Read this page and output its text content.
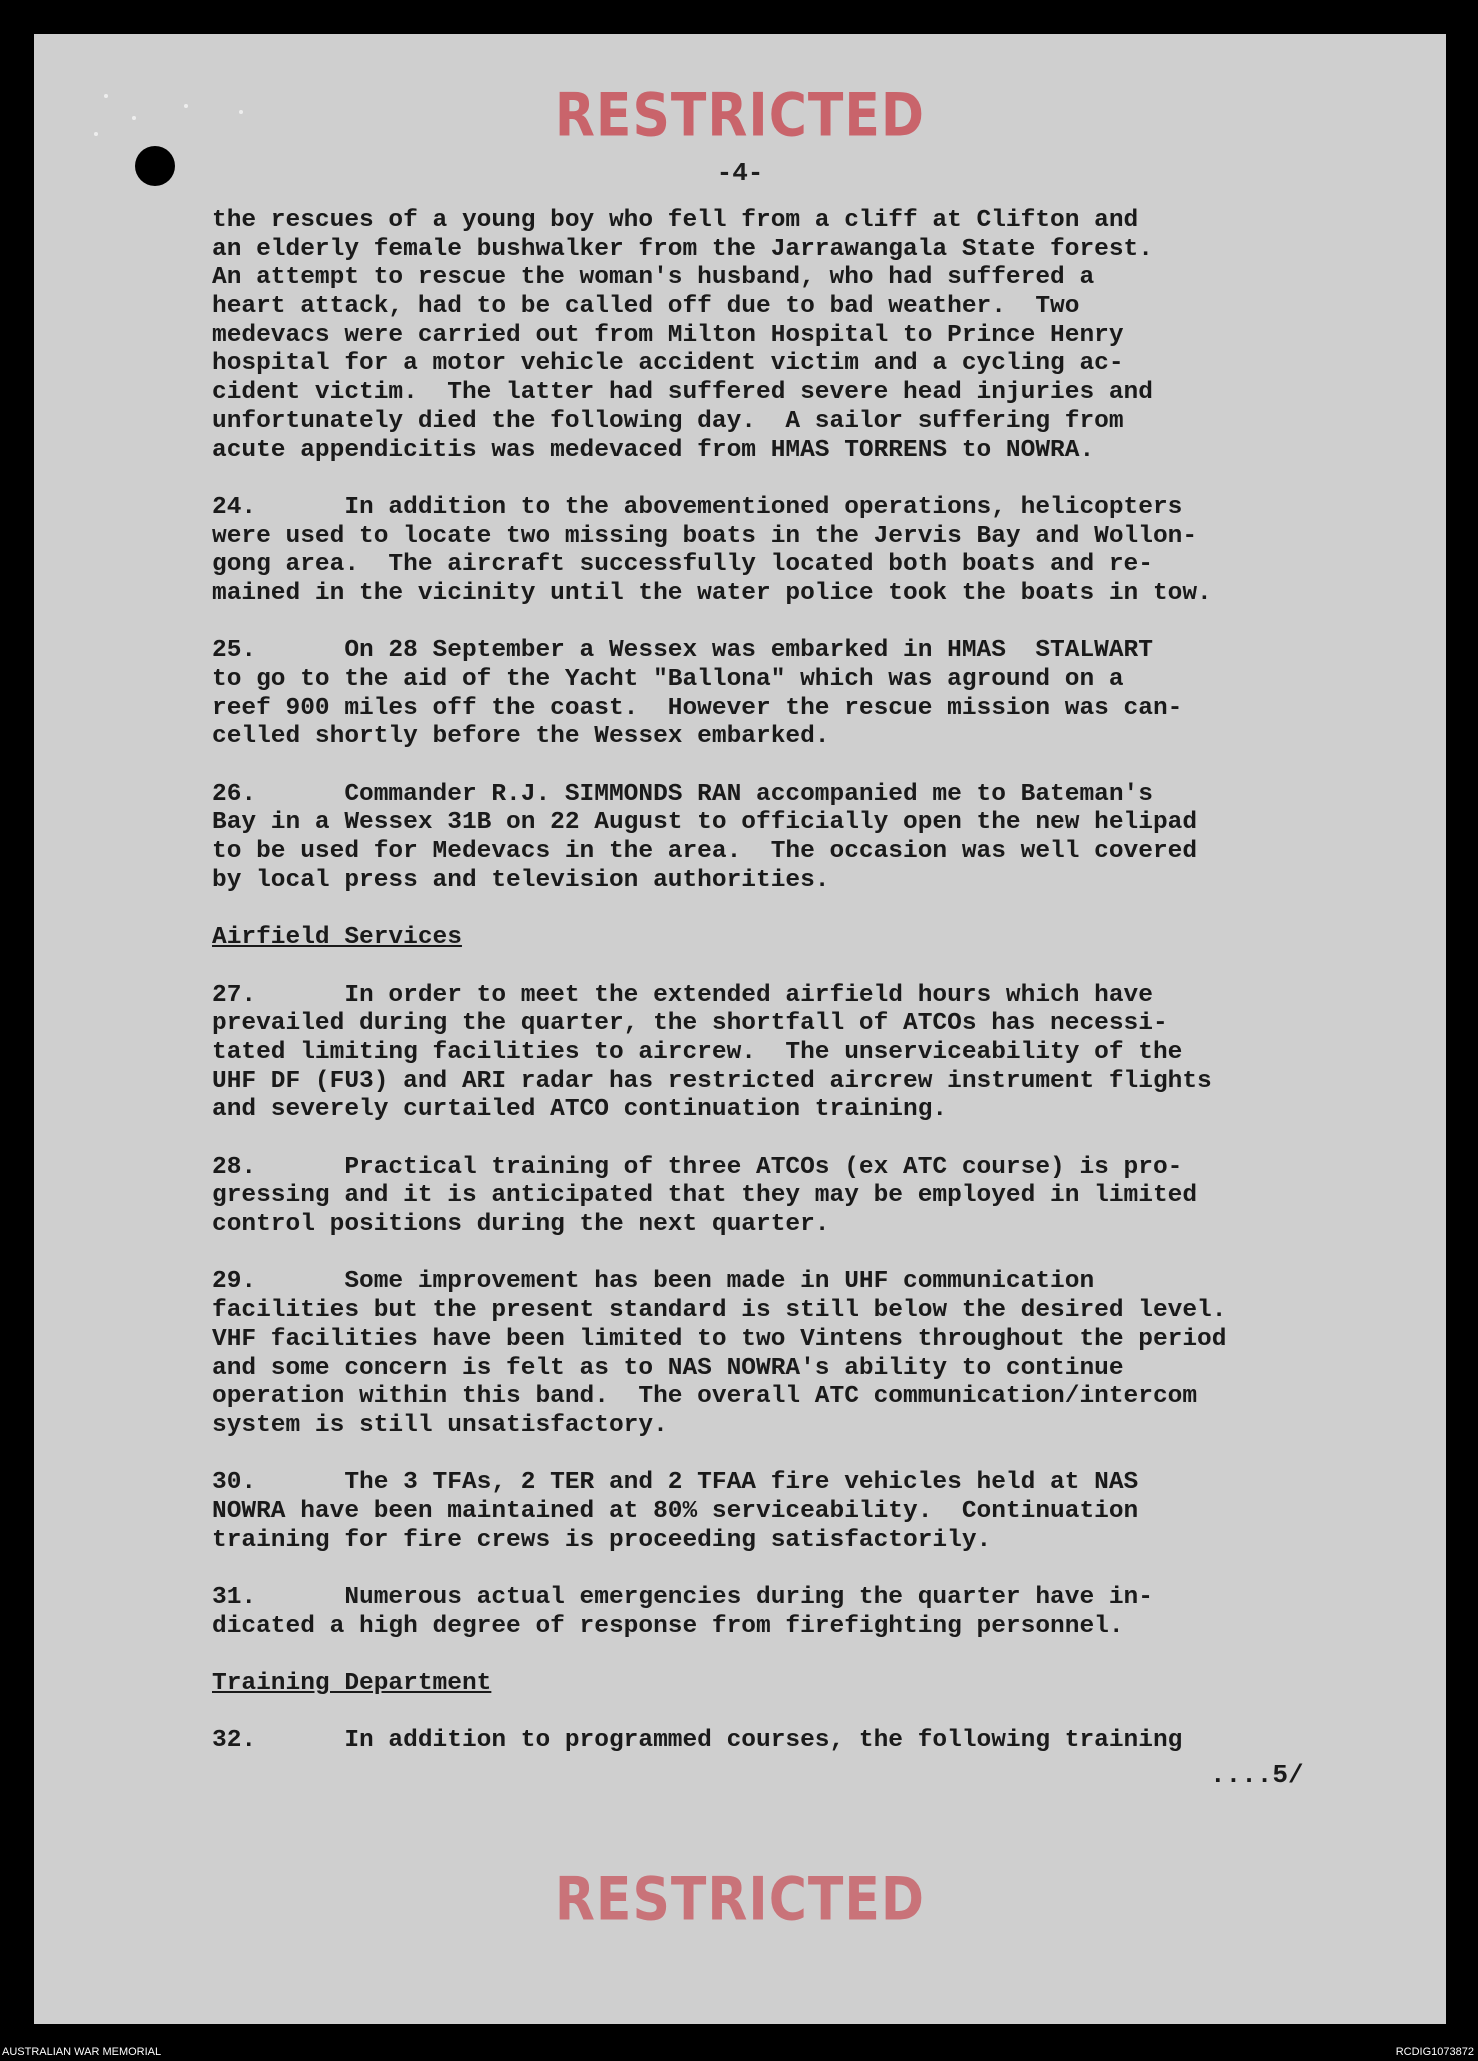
RESTRICTED
-4-
the rescues of a young boy who fell from a cliff at Clifton and
an elderly female bushwalker from the Jarrawangala State forest.
An attempt to rescue the woman's husband, who had suffered a
heart attack, had to be called off due to bad weather.  Two
medevacs were carried out from Milton Hospital to Prince Henry
hospital for a motor vehicle accident victim and a cycling ac-
cident victim.  The latter had suffered severe head injuries and
unfortunately died the following day.  A sailor suffering from
acute appendicitis was medevaced from HMAS TORRENS to NOWRA.
24.      In addition to the abovementioned operations, helicopters
were used to locate two missing boats in the Jervis Bay and Wollon-
gong area.  The aircraft successfully located both boats and re-
mained in the vicinity until the water police took the boats in tow.
25.      On 28 September a Wessex was embarked in HMAS  STALWART
to go to the aid of the Yacht "Ballona" which was aground on a
reef 900 miles off the coast.  However the rescue mission was can-
celled shortly before the Wessex embarked.
26.      Commander R.J. SIMMONDS RAN accompanied me to Bateman's
Bay in a Wessex 31B on 22 August to officially open the new helipad
to be used for Medevacs in the area.  The occasion was well covered
by local press and television authorities.
Airfield Services
27.      In order to meet the extended airfield hours which have
prevailed during the quarter, the shortfall of ATCOs has necessi-
tated limiting facilities to aircrew.  The unserviceability of the
UHF DF (FU3) and ARI radar has restricted aircrew instrument flights
and severely curtailed ATCO continuation training.
28.      Practical training of three ATCOs (ex ATC course) is pro-
gressing and it is anticipated that they may be employed in limited
control positions during the next quarter.
29.      Some improvement has been made in UHF communication
facilities but the present standard is still below the desired level.
VHF facilities have been limited to two Vintens throughout the period
and some concern is felt as to NAS NOWRA's ability to continue
operation within this band.  The overall ATC communication/intercom
system is still unsatisfactory.
30.      The 3 TFAs, 2 TER and 2 TFAA fire vehicles held at NAS
NOWRA have been maintained at 80% serviceability.  Continuation
training for fire crews is proceeding satisfactorily.
31.      Numerous actual emergencies during the quarter have in-
dicated a high degree of response from firefighting personnel.
Training Department
32.      In addition to programmed courses, the following training
....5/
RESTRICTED
AUSTRALIAN WAR MEMORIAL	RCDIG1073872
